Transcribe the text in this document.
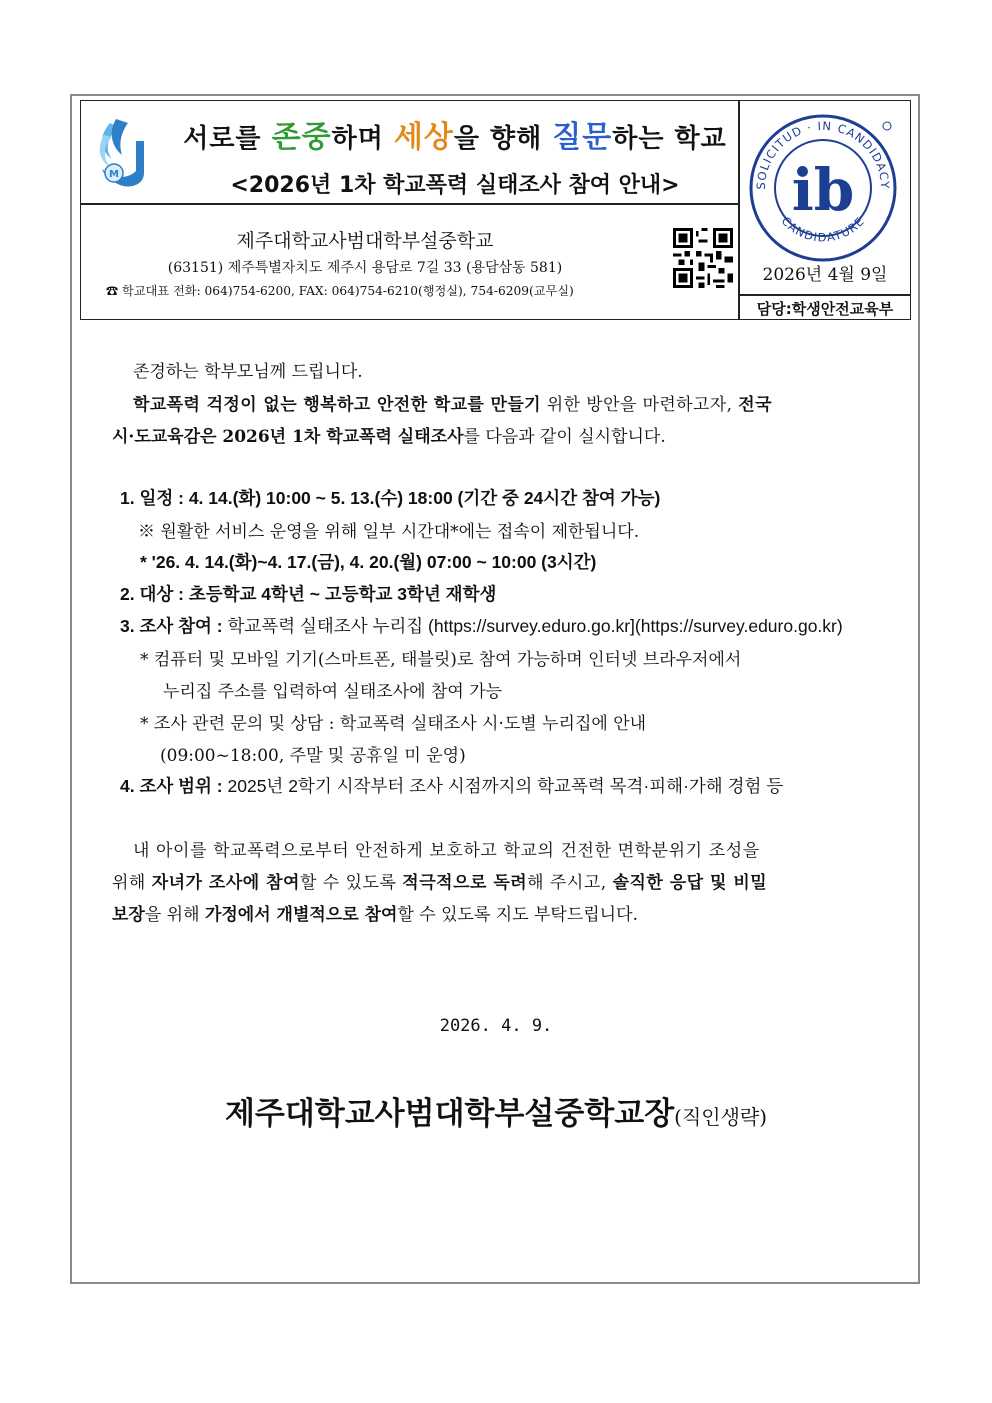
M
서로를 존중하며 세상을 향해 질문하는 학교
<2026년 1차 학교폭력 실태조사 참여 안내>
제주대학교사범대학부설중학교
(63151) 제주특별자치도 제주시 용담로 7길 33 (용담삼동 581)
☎ 학교대표 전화: 064)754-6200, FAX: 064)754-6210(행정실), 754-6209(교무실)
SOLICITUD · IN CANDIDACY
CANDIDATURE
ib
2026년 4월 9일
담당:학생안전교육부
존경하는 학부모님께 드립니다.
학교폭력 걱정이 없는 행복하고 안전한 학교를 만들기 위한 방안을 마련하고자, 전국
시·도교육감은 2026년 1차 학교폭력 실태조사를 다음과 같이 실시합니다.
1. 일정 : 4. 14.(화) 10:00 ~ 5. 13.(수) 18:00 (기간 중 24시간 참여 가능)
※ 원활한 서비스 운영을 위해 일부 시간대*에는 접속이 제한됩니다.
* '26. 4. 14.(화)~4. 17.(금), 4. 20.(월) 07:00 ~ 10:00 (3시간)
2. 대상 : 초등학교 4학년 ~ 고등학교 3학년 재학생
3. 조사 참여 : 학교폭력 실태조사 누리집 (https://survey.eduro.go.kr](https://survey.eduro.go.kr)
* 컴퓨터 및 모바일 기기(스마트폰, 태블릿)로 참여 가능하며 인터넷 브라우저에서
누리집 주소를 입력하여 실태조사에 참여 가능
* 조사 관련 문의 및 상담 : 학교폭력 실태조사 시·도별 누리집에 안내
(09:00~18:00, 주말 및 공휴일 미 운영)
4. 조사 범위 : 2025년 2학기 시작부터 조사 시점까지의 학교폭력 목격·피해·가해 경험 등
내 아이를 학교폭력으로부터 안전하게 보호하고 학교의 건전한 면학분위기 조성을
위해 자녀가 조사에 참여할 수 있도록 적극적으로 독려해 주시고, 솔직한 응답 및 비밀
보장을 위해 가정에서 개별적으로 참여할 수 있도록 지도 부탁드립니다.
2026. 4. 9.
제주대학교사범대학부설중학교장(직인생략)
